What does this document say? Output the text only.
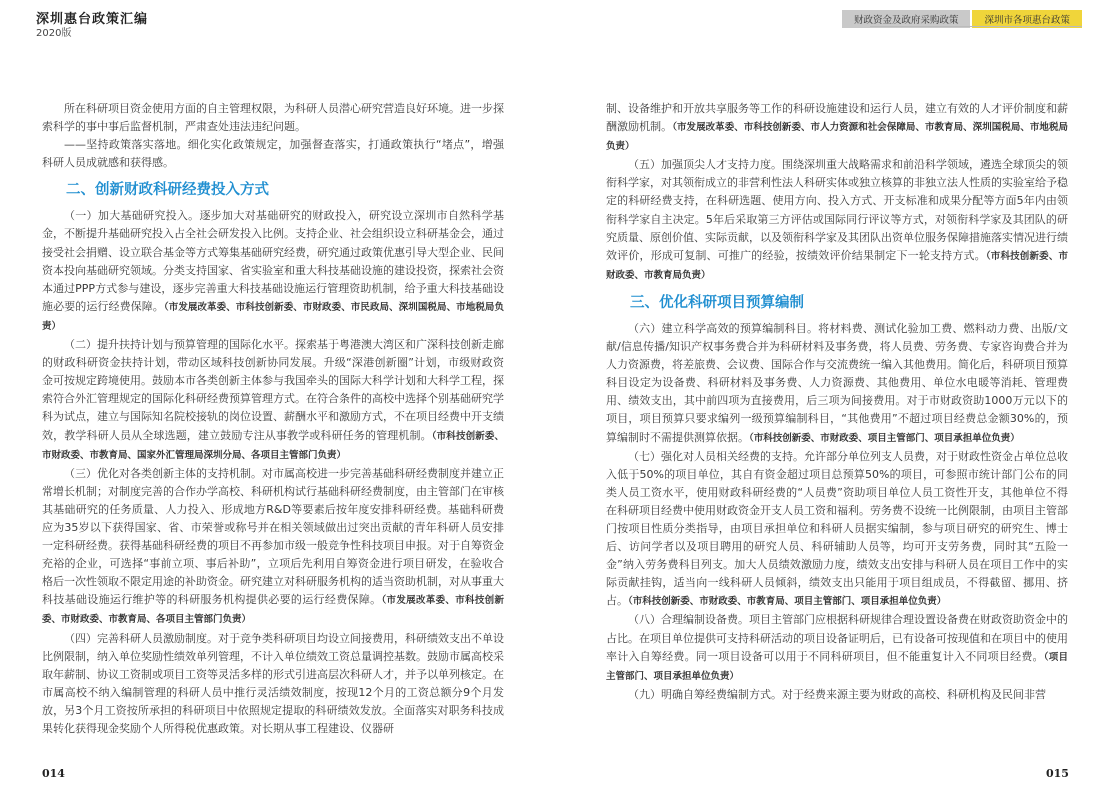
深圳惠台政策汇编
2020版
财政资金及政府采购政策	深圳市各项惠台政策

所在科研项目资金使用方面的自主管理权限，为科研人员潜心研究营造良好环境。进一步探索科学的事中事后监督机制，严肃查处违法违纪问题。

——坚持政策落实落地。细化实化政策规定，加强督查落实，打通政策执行“堵点”，增强科研人员成就感和获得感。

二、创新财政科研经费投入方式

（一）加大基础研究投入。逐步加大对基础研究的财政投入，研究设立深圳市自然科学基金，不断提升基础研究投入占全社会研发投入比例。支持企业、社会组织设立科研基金会，通过接受社会捐赠、设立联合基金等方式筹集基础研究经费，研究通过政策优惠引导大型企业、民间资本投向基础研究领域。分类支持国家、省实验室和重大科技基础设施的建设投资，探索社会资本通过PPP方式参与建设，逐步完善重大科技基础设施运行管理资助机制，给予重大科技基础设施必要的运行经费保障。（市发展改革委、市科技创新委、市财政委、市民政局、深圳国税局、市地税局负责）

（二）提升扶持计划与预算管理的国际化水平。探索基于粤港澳大湾区和广深科技创新走廊的财政科研资金扶持计划，带动区域科技创新协同发展。升级“深港创新圈”计划，市级财政资金可按规定跨境使用。鼓励本市各类创新主体参与我国牵头的国际大科学计划和大科学工程，探索符合外汇管理规定的国际化科研经费预算管理方式。在符合条件的高校中选择个别基础研究学科为试点，建立与国际知名院校接轨的岗位设置、薪酬水平和激励方式，不在项目经费中开支绩效，教学科研人员从全球选题，建立鼓励专注从事教学或科研任务的管理机制。（市科技创新委、市财政委、市教育局、国家外汇管理局深圳分局、各项目主管部门负责）

（三）优化对各类创新主体的支持机制。对市属高校进一步完善基础科研经费制度并建立正常增长机制；对制度完善的合作办学高校、科研机构试行基础科研经费制度，由主管部门在审核其基础研究的任务质量、人力投入、形成地方R&D等要素后按年度安排科研经费。基础科研费应为35岁以下获得国家、省、市荣誉或称号并在相关领域做出过突出贡献的青年科研人员安排一定科研经费。获得基础科研经费的项目不再参加市级一般竞争性科技项目申报。对于自筹资金充裕的企业，可选择“事前立项、事后补助”，立项后先利用自筹资金进行项目研发，在验收合格后一次性领取不限定用途的补助资金。研究建立对科研服务机构的适当资助机制，对从事重大科技基础设施运行维护等的科研服务机构提供必要的运行经费保障。（市发展改革委、市科技创新委、市财政委、市教育局、各项目主管部门负责）

（四）完善科研人员激励制度。对于竞争类科研项目均设立间接费用，科研绩效支出不单设比例限制，纳入单位奖励性绩效单列管理，不计入单位绩效工资总量调控基数。鼓励市属高校采取年薪制、协议工资制或项目工资等灵活多样的形式引进高层次科研人才，并予以单列核定。在市属高校不纳入编制管理的科研人员中推行灵活绩效制度，按现12个月的工资总额分9个月发放，另3个月工资按所承担的科研项目中依照规定提取的科研绩效发放。全面落实对职务科技成果转化获得现金奖励个人所得税优惠政策。对长期从事工程建设、仪器研

制、设备维护和开放共享服务等工作的科研设施建设和运行人员，建立有效的人才评价制度和薪酬激励机制。（市发展改革委、市科技创新委、市人力资源和社会保障局、市教育局、深圳国税局、市地税局负责）

（五）加强顶尖人才支持力度。围绕深圳重大战略需求和前沿科学领域，遴选全球顶尖的领衔科学家，对其领衔成立的非营利性法人科研实体或独立核算的非独立法人性质的实验室给予稳定的科研经费支持，在科研选题、使用方向、投入方式、开支标准和成果分配等方面5年内由领衔科学家自主决定。5年后采取第三方评估或国际同行评议等方式，对领衔科学家及其团队的研究质量、原创价值、实际贡献，以及领衔科学家及其团队出资单位服务保障措施落实情况进行绩效评价，形成可复制、可推广的经验，按绩效评价结果制定下一轮支持方式。（市科技创新委、市财政委、市教育局负责）

三、优化科研项目预算编制

（六）建立科学高效的预算编制科目。将材料费、测试化验加工费、燃料动力费、出版/文献/信息传播/知识产权事务费合并为科研材料及事务费，将人员费、劳务费、专家咨询费合并为人力资源费，将差旅费、会议费、国际合作与交流费统一编入其他费用。简化后，科研项目预算科目设定为设备费、科研材料及事务费、人力资源费、其他费用、单位水电暖等消耗、管理费用、绩效支出，其中前四项为直接费用，后三项为间接费用。对于市财政资助1000万元以下的项目，项目预算只要求编列一级预算编制科目，“其他费用”不超过项目经费总金额30%的，预算编制时不需提供测算依据。（市科技创新委、市财政委、项目主管部门、项目承担单位负责）

（七）强化对人员相关经费的支持。允许部分单位列支人员费，对于财政性资金占单位总收入低于50%的项目单位，其自有资金超过项目总预算50%的项目，可参照市统计部门公布的同类人员工资水平，使用财政科研经费的“人员费”资助项目单位人员工资性开支，其他单位不得在科研项目经费中使用财政资金开支人员工资和福利。劳务费不设统一比例限制，由项目主管部门按项目性质分类指导，由项目承担单位和科研人员据实编制，参与项目研究的研究生、博士后、访问学者以及项目聘用的研究人员、科研辅助人员等，均可开支劳务费，同时其“五险一金”纳入劳务费科目列支。加大人员绩效激励力度，绩效支出安排与科研人员在项目工作中的实际贡献挂钩，适当向一线科研人员倾斜，绩效支出只能用于项目组成员，不得截留、挪用、挤占。（市科技创新委、市财政委、市教育局、项目主管部门、项目承担单位负责）

（八）合理编制设备费。项目主管部门应根据科研规律合理设置设备费在财政资助资金中的占比。在项目单位提供可支持科研活动的项目设备证明后，已有设备可按现值和在项目中的使用率计入自筹经费。同一项目设备可以用于不同科研项目，但不能重复计入不同项目经费。（项目主管部门、项目承担单位负责）

（九）明确自筹经费编制方式。对于经费来源主要为财政的高校、科研机构及民间非营

014	015
